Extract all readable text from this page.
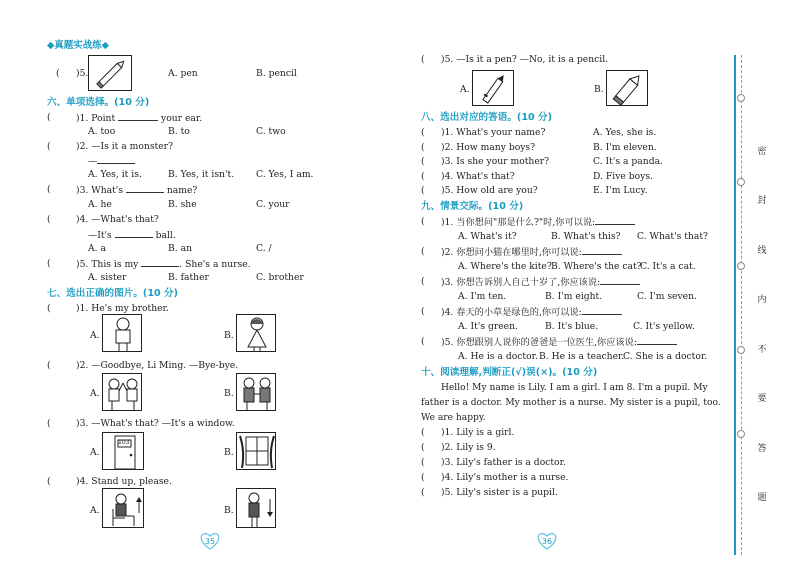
◆真题实战练◆
( )5.	A. pen	B. pencil
六、单项选择。(10 分)
(	)1. Point	your ear.
A. too	B. to	C. two
(	)2. —Is it a monster?
—
A. Yes, it is.	B. Yes, it isn't. C. Yes, I am.
(	)3. What's	name?
A. he	B. she	C. your
(	)4. —What's that?
—It's	ball.
A. a	B. an	C. /
(	)5. This is my	. She's a nurse.
A. sister	B. father	C. brother
七、选出正确的图片。(10 分)
(	)1. He's my brother.
A.	B.
(	)2. —Goodbye, Li Ming. —Bye-bye.
A.	B.
(	)3. —What's that? —It's a window.
A.
103
B.
(	)4. Stand up, please.
A.	B.
35
( )5. —Is it a pen? —No, it is a pencil.
A.	B.
八、选出对应的答语。(10 分)
( )1. What's your name?	A. Yes, she is.
( )2. How many boys?	B. I'm eleven.
( )3. Is she your mother?	C. It's a panda.
( )4. What's that?	D. Five boys.
( )5. How old are you?	E. I'm Lucy.
九、情景交际。(10 分)
( )1. 当你想问"那是什么?"时,你可以说:
A. What's it?	B. What's this? C. What's that?
( )2. 你想问小猫在哪里时,你可以说:
A. Where's the kite? B. Where's the cat?
C. It's a cat.
( )3. 你想告诉别人自己十岁了,你应该说:
A. I'm ten.	B. I'm eight.	C. I'm seven.
( )4. 春天的小草是绿色的,你可以说:
A. It's green.	B. It's blue.	C. It's yellow.
( )5. 你想跟别人说你的爸爸是一位医生,你应该说:
A. He is a doctor. B. He is a teacher.
C. She is a doctor.
十、阅读理解,判断正(√)误(×)。(10 分)
Hello! My name is Lily. I am a girl. I am 8. I'm a pupil. My
father is a doctor. My mother is a nurse. My sister is a pupil, too.
We are happy.
( )1. Lily is a girl.
( )2. Lily is 9.
( )3. Lily's father is a doctor.
( )4. Lily's mother is a nurse.
( )5. Lily's sister is a pupil.
36
密
封
线
内
不
要
答
题
